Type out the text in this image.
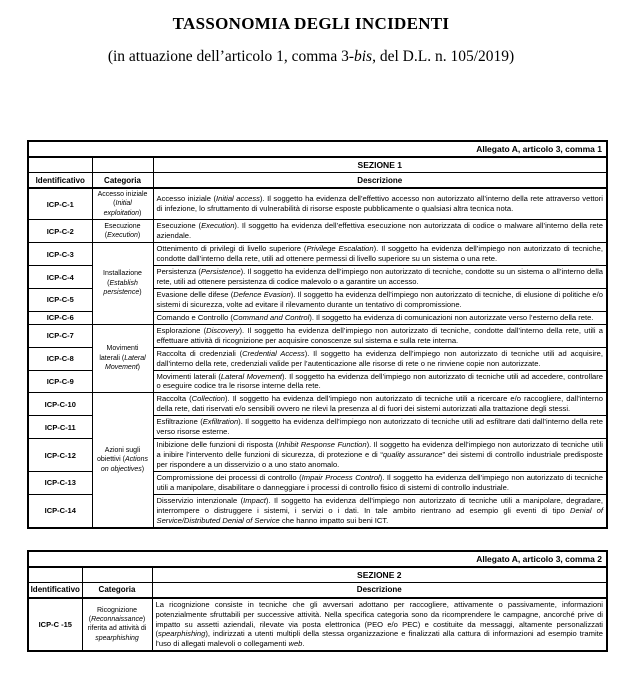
TASSONOMIA DEGLI INCIDENTI
(in attuazione dell’articolo 1, comma 3-bis, del D.L. n. 105/2019)
Allegato A, articolo 3, comma 1		
		SEZIONE 1
Identificativo	Categoria	Descrizione
ICP-C-1	Accesso iniziale (Initial exploitation)	Accesso iniziale (Initial access). Il soggetto ha evidenza dell’effettivo accesso non autorizzato all’interno della rete attraverso vettori di infezione, lo sfruttamento di vulnerabilità di risorse esposte pubblicamente o qualsiasi altra tecnica nota.
ICP-C-2	Esecuzione (Execution)	Esecuzione (Execution). Il soggetto ha evidenza dell’effettiva esecuzione non autorizzata di codice o malware all’interno della rete aziendale.
ICP-C-3	Installazione (Establish persistence)	Ottenimento di privilegi di livello superiore (Privilege Escalation). Il soggetto ha evidenza dell’impiego non autorizzato di tecniche, condotte dall’interno della rete, utili ad ottenere permessi di livello superiore su un sistema o una rete.
ICP-C-4		Persistenza (Persistence). Il soggetto ha evidenza dell’impiego non autorizzato di tecniche, condotte su un sistema o all’interno della rete, utili ad ottenere persistenza di codice malevolo o a garantire un accesso.
ICP-C-5		Evasione delle difese (Defence Evasion). Il soggetto ha evidenza dell’impiego non autorizzato di tecniche, di elusione di politiche e/o sistemi di sicurezza, volte ad evitare il rilevamento durante un tentativo di compromissione.
ICP-C-6		Comando e Controllo (Command and Control). Il soggetto ha evidenza di comunicazioni non autorizzate verso l’esterno della rete.
ICP-C-7	Movimenti laterali (Lateral Movement)	Esplorazione (Discovery). Il soggetto ha evidenza dell’impiego non autorizzato di tecniche, condotte dall’interno della rete, utili a effettuare attività di ricognizione per acquisire conoscenze sul sistema e sulla rete interna.
ICP-C-8		Raccolta di credenziali (Credential Access). Il soggetto ha evidenza dell’impiego non autorizzato di tecniche utili ad acquisire, dall’interno della rete, credenziali valide per l’autenticazione alle risorse di rete o ne rinviene copie non autorizzate.
ICP-C-9		Movimenti laterali (Lateral Movement). Il soggetto ha evidenza dell’impiego non autorizzato di tecniche utili ad accedere, controllare o eseguire codice tra le risorse interne della rete.
ICP-C-10	Azioni sugli obiettivi (Actions on objectives)	Raccolta (Collection). Il soggetto ha evidenza dell’impiego non autorizzato di tecniche utili a ricercare e/o raccogliere, dall’interno della rete, dati riservati e/o sensibili ovvero ne rilevi la presenza al di fuori dei sistemi autorizzati alla trattazione degli stessi.
ICP-C-11		Esfiltrazione (Exfiltration). Il soggetto ha evidenza dell’impiego non autorizzato di tecniche utili ad esfiltrare dati dall’interno della rete verso risorse esterne.
ICP-C-12		Inibizione delle funzioni di risposta (Inhibit Response Function). Il soggetto ha evidenza dell’impiego non autorizzato di tecniche utili a inibire l’intervento delle funzioni di sicurezza, di protezione e di “quality assurance” dei sistemi di controllo industriale predisposte per rispondere a un disservizio o a uno stato anomalo.
ICP-C-13		Compromissione dei processi di controllo (Impair Process Control). Il soggetto ha evidenza dell’impiego non autorizzato di tecniche utili a manipolare, disabilitare o danneggiare i processi di controllo fisico di sistemi di controllo industriale.
ICP-C-14		Disservizio intenzionale (Impact). Il soggetto ha evidenza dell’impiego non autorizzato di tecniche utili a manipolare, degradare, interrompere o distruggere i sistemi, i servizi o i dati. In tale ambito rientrano ad esempio gli eventi di tipo Denial of Service/Distributed Denial of Service che hanno impatto sui beni ICT.
Allegato A, articolo 3, comma 2		
		SEZIONE 2
Identificativo	Categoria	Descrizione
ICP-C -15	Ricognizione (Reconnaissance) riferita ad attività di spearphishing	La ricognizione consiste in tecniche che gli avversari adottano per raccogliere, attivamente o passivamente, informazioni potenzialmente sfruttabili per successive attività. Nella specifica categoria sono da ricomprendere le campagne, ancorché prive di impatto su assetti aziendali, rilevate via posta elettronica (PEO e/o PEC) e costituite da messaggi, altamente personalizzati (spearphishing), indirizzati a utenti multipli della stessa organizzazione e finalizzati alla cattura di informazioni ad esempio tramite l’uso di allegati malevoli o collegamenti web.
